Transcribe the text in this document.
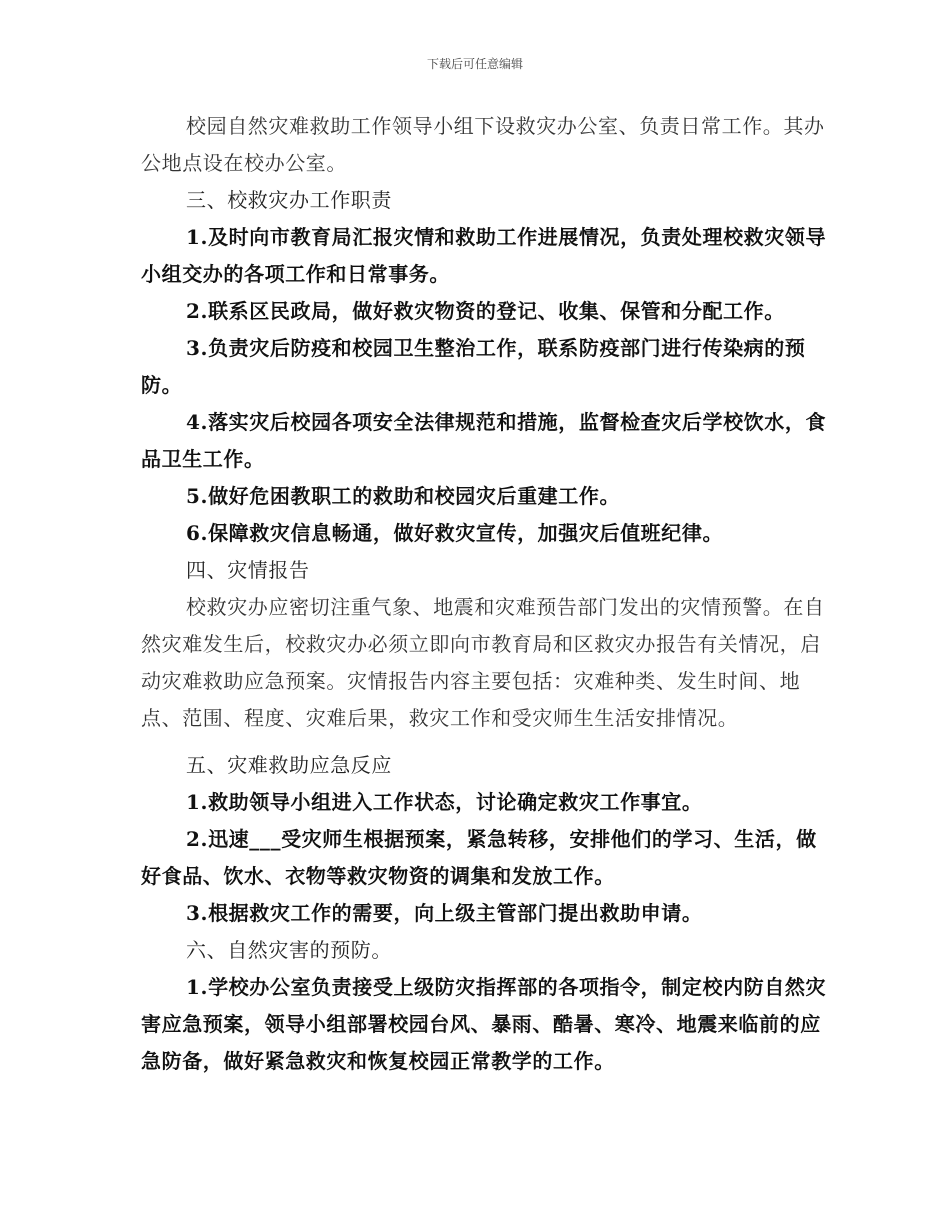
下载后可任意编辑

校园自然灾难救助工作领导小组下设救灾办公室、负责日常工作。其办公地点设在校办公室。

三、校救灾办工作职责

1.及时向市教育局汇报灾情和救助工作进展情况，负责处理校救灾领导小组交办的各项工作和日常事务。

2.联系区民政局，做好救灾物资的登记、收集、保管和分配工作。

3.负责灾后防疫和校园卫生整治工作，联系防疫部门进行传染病的预防。

4.落实灾后校园各项安全法律规范和措施，监督检查灾后学校饮水，食品卫生工作。

5.做好危困教职工的救助和校园灾后重建工作。

6.保障救灾信息畅通，做好救灾宣传，加强灾后值班纪律。

四、灾情报告

校救灾办应密切注重气象、地震和灾难预告部门发出的灾情预警。在自然灾难发生后，校救灾办必须立即向市教育局和区救灾办报告有关情况，启动灾难救助应急预案。灾情报告内容主要包括：灾难种类、发生时间、地点、范围、程度、灾难后果，救灾工作和受灾师生生活安排情况。

五、灾难救助应急反应

1.救助领导小组进入工作状态，讨论确定救灾工作事宜。

2.迅速___受灾师生根据预案，紧急转移，安排他们的学习、生活，做好食品、饮水、衣物等救灾物资的调集和发放工作。

3.根据救灾工作的需要，向上级主管部门提出救助申请。

六、自然灾害的预防。

1.学校办公室负责接受上级防灾指挥部的各项指令，制定校内防自然灾害应急预案，领导小组部署校园台风、暴雨、酷暑、寒冷、地震来临前的应急防备，做好紧急救灾和恢复校园正常教学的工作。
